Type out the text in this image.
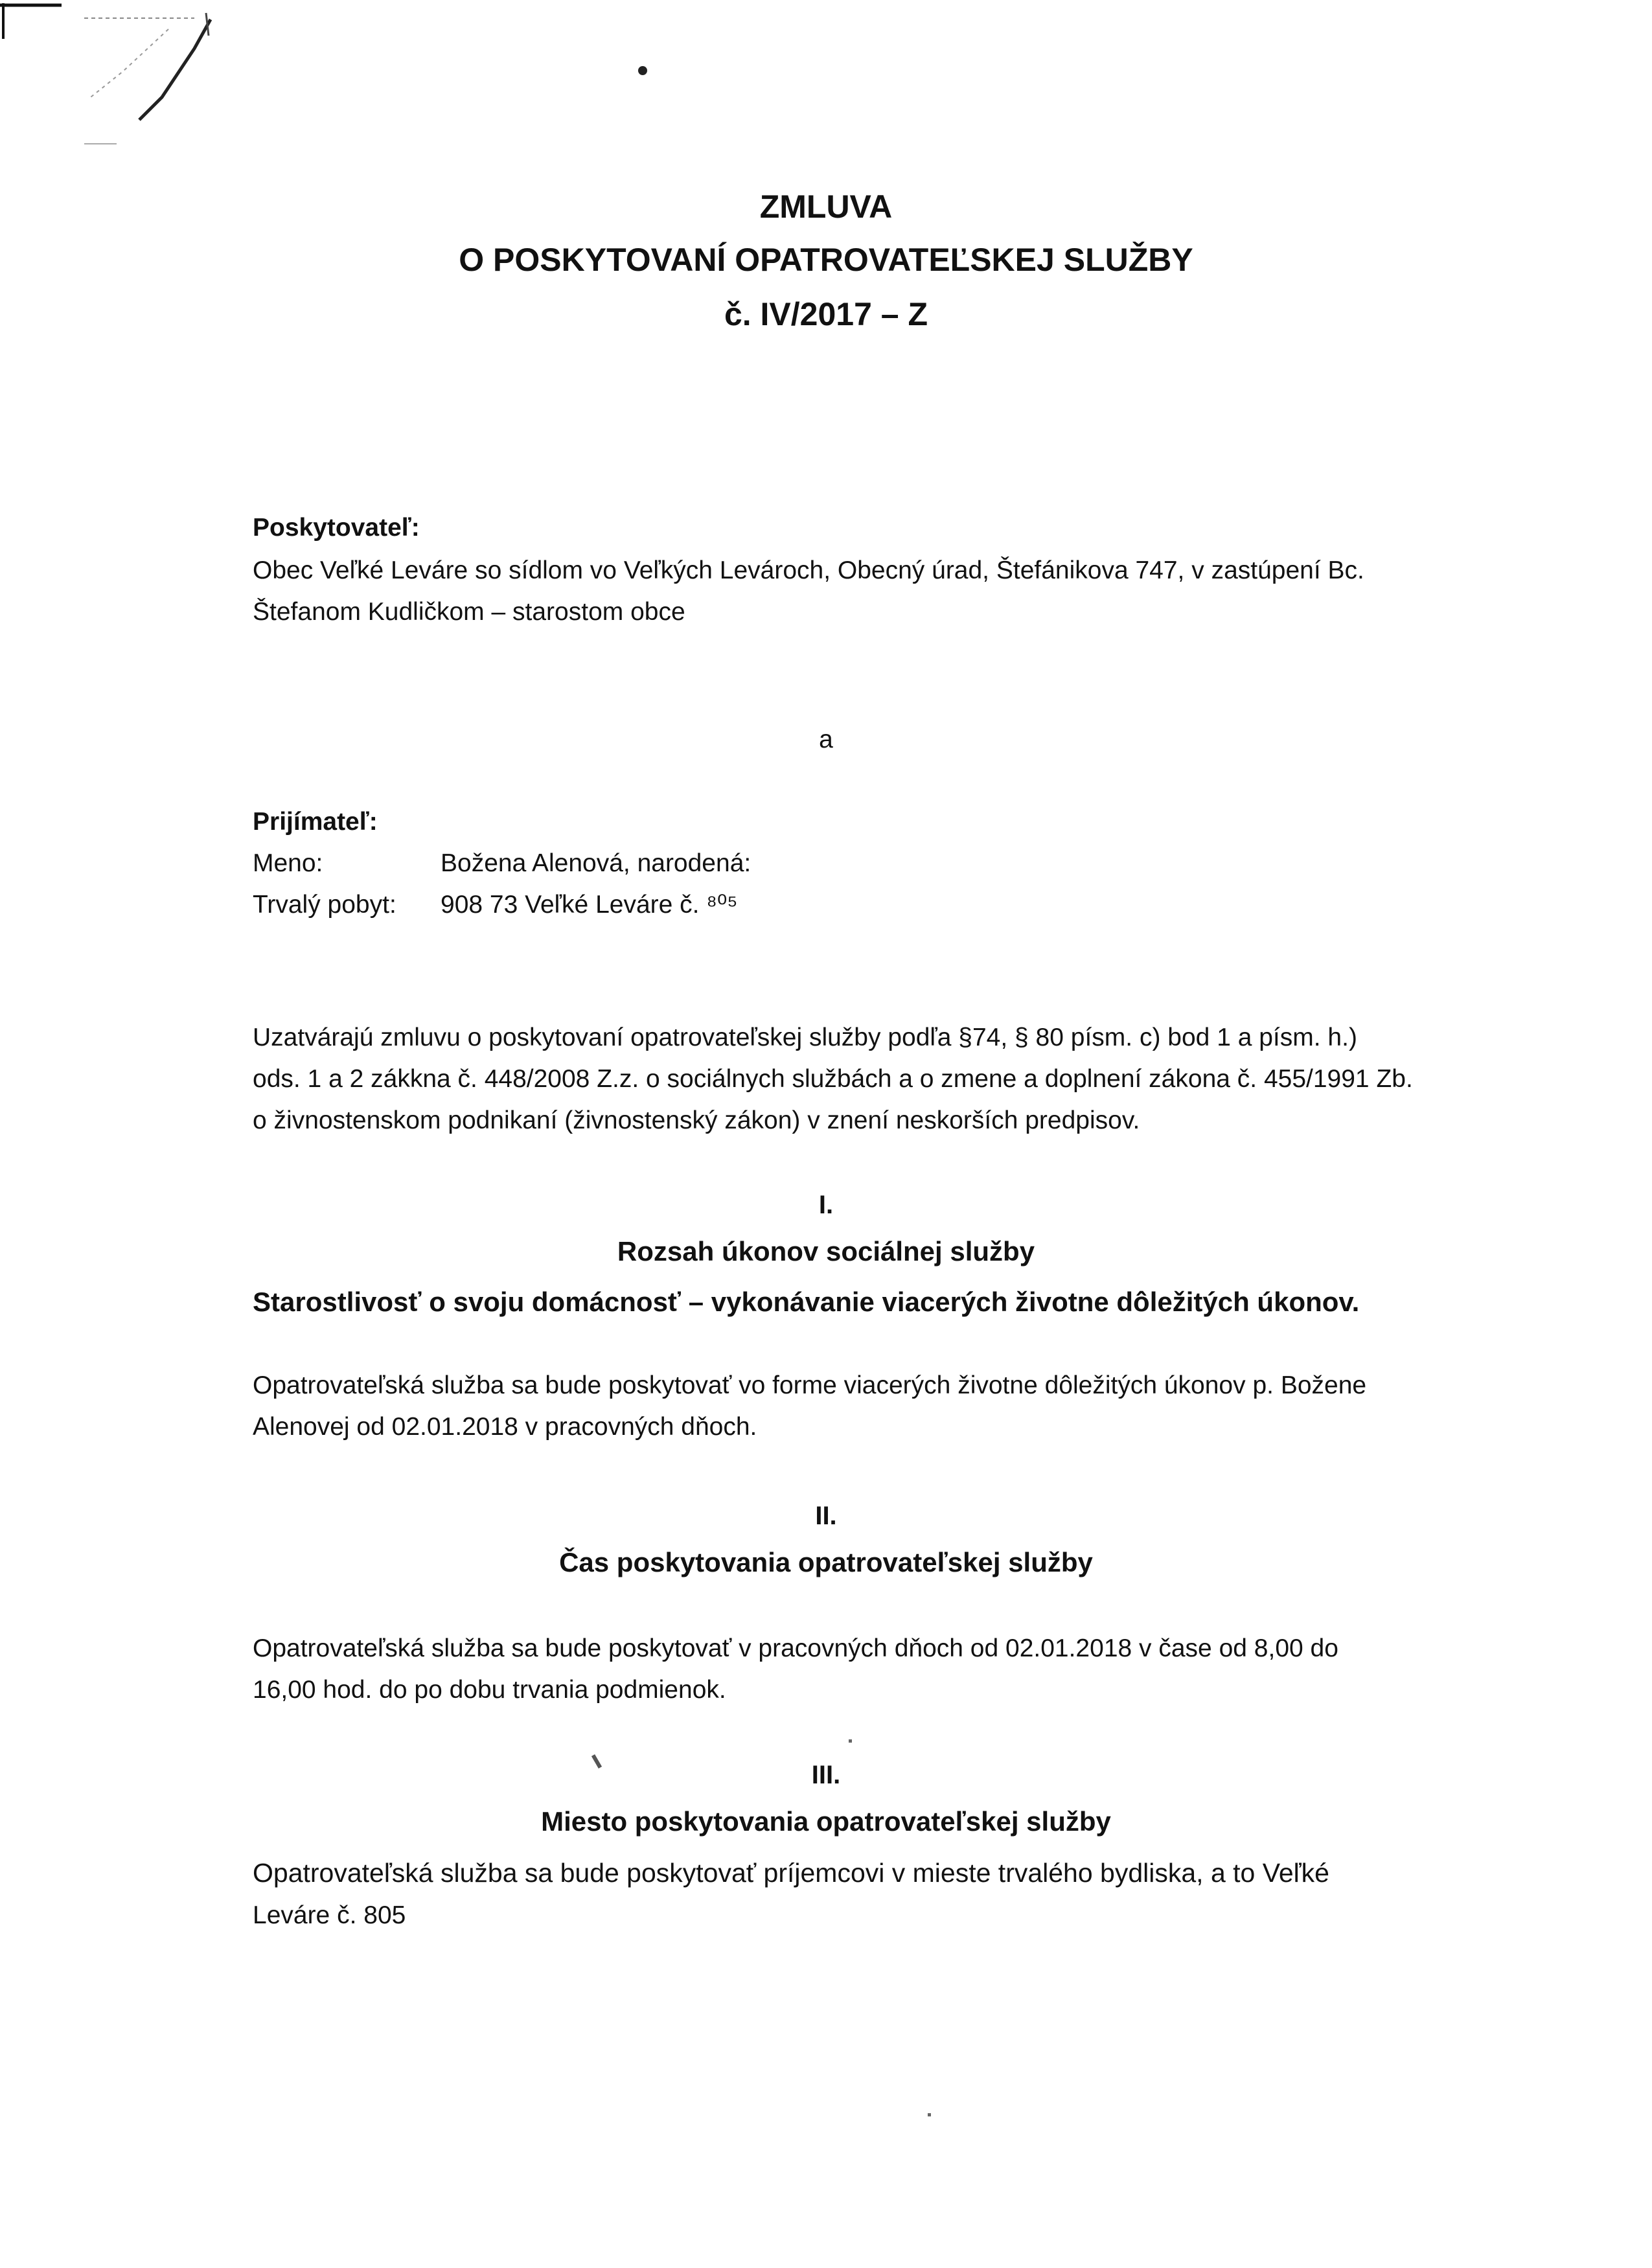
ZMLUVA
O POSKYTOVANÍ OPATROVATEĽSKEJ SLUŽBY
č. IV/2017 – Z
Poskytovateľ:
Obec Veľké Leváre so sídlom vo Veľkých Levároch, Obecný úrad, Štefánikova 747, v zastúpení Bc.
Štefanom Kudličkom – starostom obce
a
Prijímateľ:
Meno:	Božena Alenová, narodená:
Trvalý pobyt: 908 73 Veľké Leváre č. ⁸⁰⁵
Uzatvárajú zmluvu o poskytovaní opatrovateľskej služby podľa §74, § 80 písm. c) bod 1 a písm. h.)
ods. 1 a 2 zákkna č. 448/2008 Z.z. o sociálnych službách a o zmene a doplnení zákona č. 455/1991 Zb.
o živnostenskom podnikaní (živnostenský zákon) v znení neskorších predpisov.
I.
Rozsah úkonov sociálnej služby
Starostlivosť o svoju domácnosť – vykonávanie viacerých životne dôležitých úkonov.
Opatrovateľská služba sa bude poskytovať vo forme viacerých životne dôležitých úkonov p. Božene
Alenovej od 02.01.2018 v pracovných dňoch.
II.
Čas poskytovania opatrovateľskej služby
Opatrovateľská služba sa bude poskytovať v pracovných dňoch od 02.01.2018 v čase od 8,00 do
16,00 hod. do po dobu trvania podmienok.
III.
Miesto poskytovania opatrovateľskej služby
Opatrovateľská služba sa bude poskytovať príjemcovi v mieste trvalého bydliska, a to Veľké
Leváre č. 805
